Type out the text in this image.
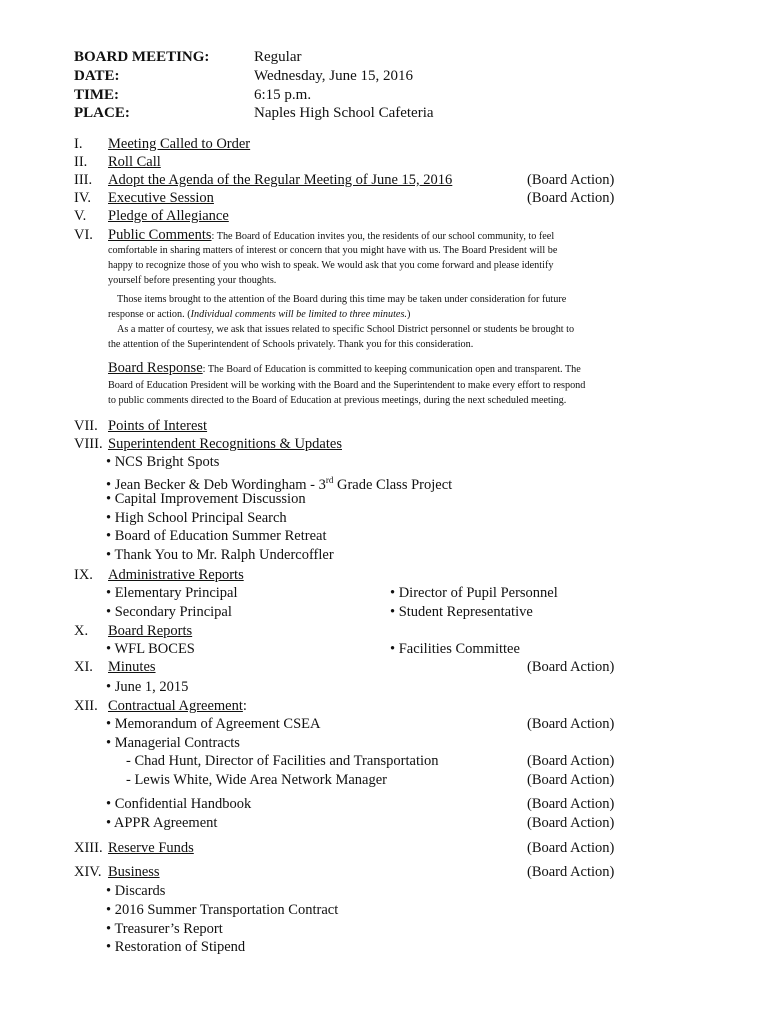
BOARD MEETING:	Regular
DATE:	Wednesday, June 15, 2016
TIME:	6:15 p.m.
PLACE:	Naples High School Cafeteria
I. Meeting Called to Order
II. Roll Call
III. Adopt the Agenda of the Regular Meeting of June 15, 2016	(Board Action)
IV. Executive Session	(Board Action)
V. Pledge of Allegiance
VI. Public Comments: The Board of Education invites you, the residents of our school community, to feel
comfortable in sharing matters of interest or concern that you might have with us. The Board President will be
happy to recognize those of you who wish to speak. We would ask that you come forward and please identify
yourself before presenting your thoughts.
Those items brought to the attention of the Board during this time may be taken under consideration for future
response or action. (Individual comments will be limited to three minutes.)
As a matter of courtesy, we ask that issues related to specific School District personnel or students be brought to
the attention of the Superintendent of Schools privately. Thank you for this consideration.
Board Response: The Board of Education is committed to keeping communication open and transparent. The
Board of Education President will be working with the Board and the Superintendent to make every effort to respond
to public comments directed to the Board of Education at previous meetings, during the next scheduled meeting.
VII. Points of Interest
VIII. Superintendent Recognitions & Updates
• NCS Bright Spots
• Jean Becker & Deb Wordingham - 3rd Grade Class Project
• Capital Improvement Discussion
• High School Principal Search
• Board of Education Summer Retreat
• Thank You to Mr. Ralph Undercoffler
IX. Administrative Reports
• Elementary Principal	• Director of Pupil Personnel
• Secondary Principal	• Student Representative
X. Board Reports
• WFL BOCES	• Facilities Committee
XI. Minutes	(Board Action)
• June 1, 2015
XII. Contractual Agreement:
• Memorandum of Agreement CSEA	(Board Action)
• Managerial Contracts
- Chad Hunt, Director of Facilities and Transportation	(Board Action)
- Lewis White, Wide Area Network Manager	(Board Action)
• Confidential Handbook	(Board Action)
• APPR Agreement	(Board Action)
XIII. Reserve Funds	(Board Action)
XIV. Business	(Board Action)
• Discards
• 2016 Summer Transportation Contract
• Treasurer’s Report
• Restoration of Stipend
